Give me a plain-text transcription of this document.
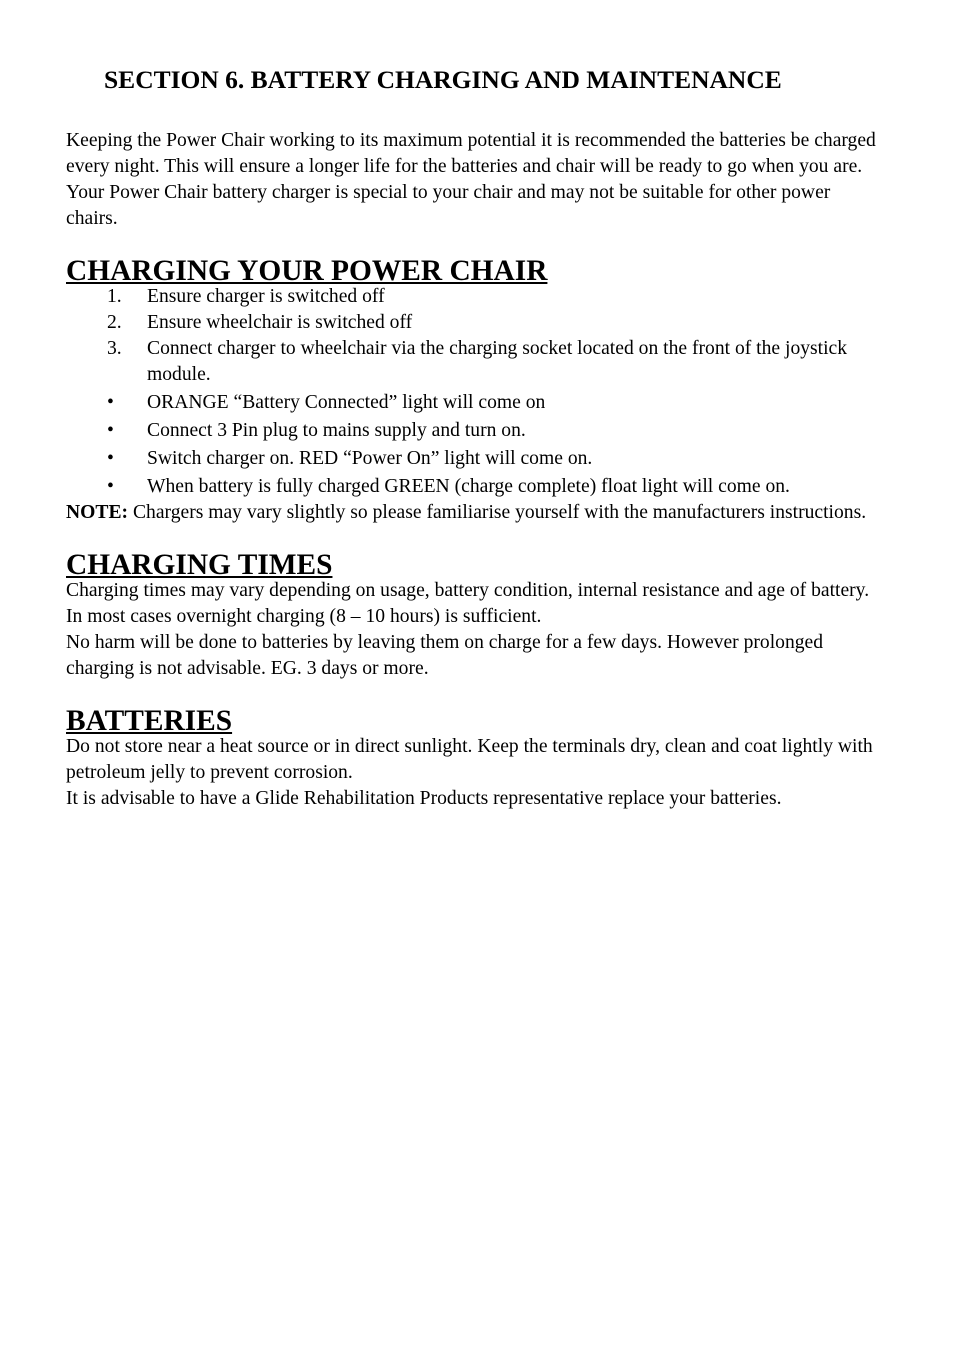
SECTION 6. BATTERY CHARGING AND MAINTENANCE

Keeping the Power Chair working to its maximum potential it is recommended the batteries be charged every night. This will ensure a longer life for the batteries and chair will be ready to go when you are.

Your Power Chair battery charger is special to your chair and may not be suitable for other power chairs.

CHARGING YOUR POWER CHAIR
1.	Ensure charger is switched off
2.	Ensure wheelchair is switched off
3.	Connect charger to wheelchair via the charging socket located on the front of the joystick module.
•	ORANGE “Battery Connected” light will come on
•	Connect 3 Pin plug to mains supply and turn on.
•	Switch charger on. RED “Power On” light will come on.
•	When battery is fully charged GREEN (charge complete) float light will come on.

NOTE: Chargers may vary slightly so please familiarise yourself with the manufacturers instructions.

CHARGING TIMES

Charging times may vary depending on usage, battery condition, internal resistance and age of battery.

In most cases overnight charging (8 – 10 hours) is sufficient.

No harm will be done to batteries by leaving them on charge for a few days. However prolonged charging is not advisable. EG. 3 days or more.

BATTERIES

Do not store near a heat source or in direct sunlight. Keep the terminals dry, clean and coat lightly with petroleum jelly to prevent corrosion.

It is advisable to have a Glide Rehabilitation Products representative replace your batteries.
